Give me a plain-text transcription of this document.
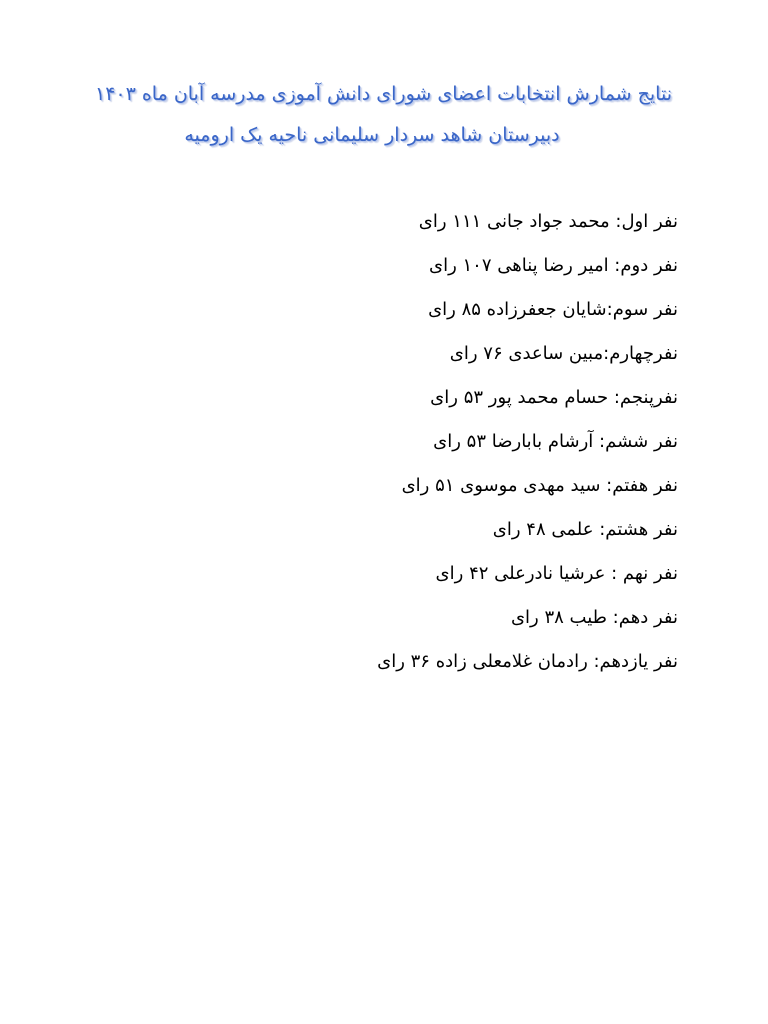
نتایج شمارش انتخابات اعضای شورای دانش آموزی مدرسه آبان ماه ۱۴۰۳
دبیرستان شاهد سردار سلیمانی ناحیه یک ارومیه
نفر اول: محمد جواد جانی ۱۱۱ رای
نفر دوم: امیر رضا پناهی ۱۰۷ رای
نفر سوم:شایان جعفرزاده ۸۵ رای
نفرچهارم:مبین ساعدی ۷۶ رای
نفرپنجم: حسام محمد پور ۵۳ رای
نفر ششم: آرشام بابارضا ۵۳ رای
نفر هفتم: سید مهدی موسوی ۵۱ رای
نفر هشتم: علمی ۴۸ رای
نفر نهم : عرشیا نادرعلی ۴۲ رای
نفر دهم: طیب ۳۸ رای
نفر یازدهم: رادمان غلامعلی زاده ۳۶ رای
